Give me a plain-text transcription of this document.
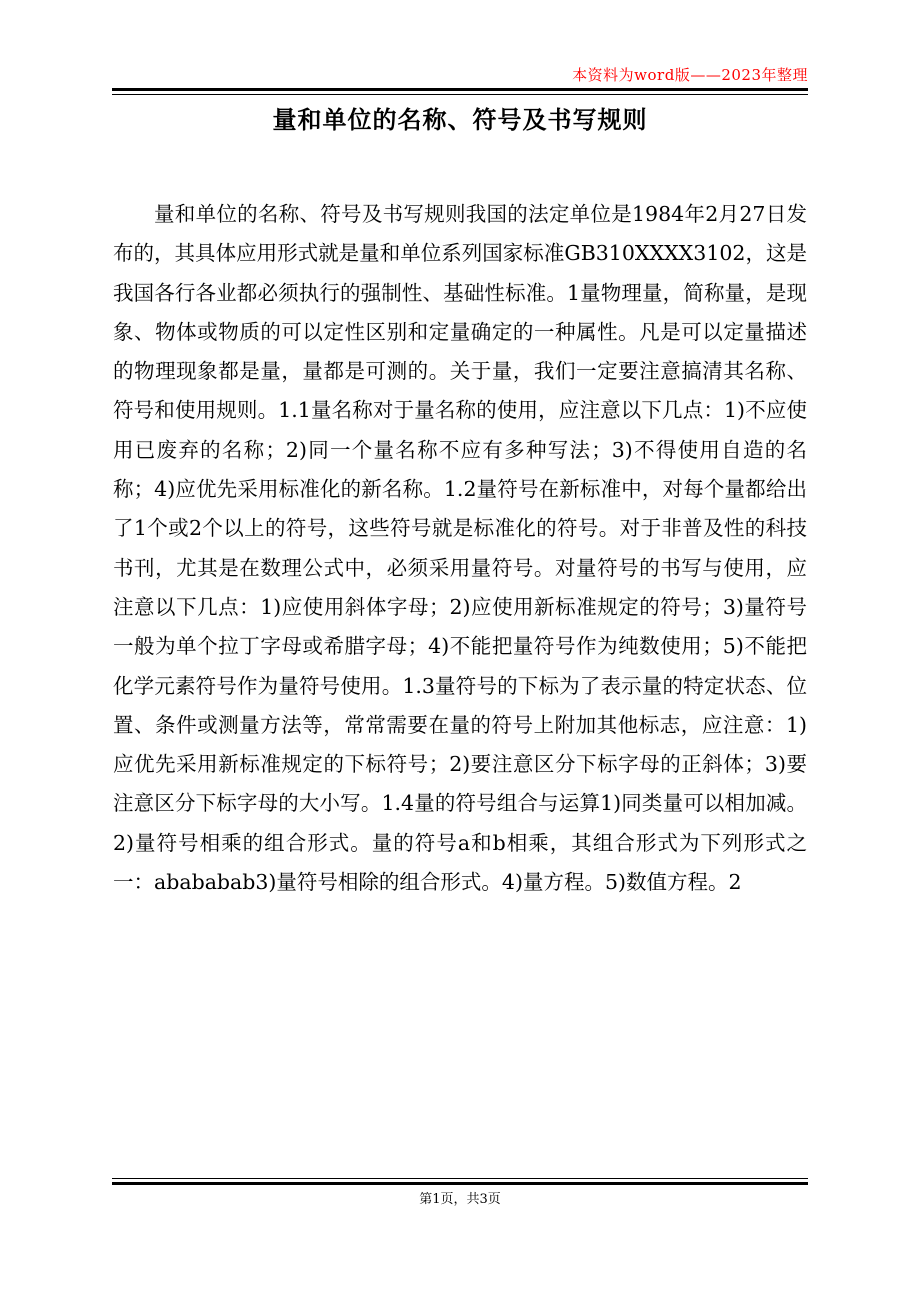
本资料为word版——2023年整理
量和单位的名称、符号及书写规则

量和单位的名称、符号及书写规则我国的法定单位是1984年2月27日发布的，其具体应用形式就是量和单位系列国家标准GB310XXXX3102，这是我国各行各业都必须执行的强制性、基础性标准。1量物理量，简称量，是现象、物体或物质的可以定性区别和定量确定的一种属性。凡是可以定量描述的物理现象都是量，量都是可测的。关于量，我们一定要注意搞清其名称、符号和使用规则。1.1量名称对于量名称的使用，应注意以下几点：1)不应使用已废弃的名称；2)同一个量名称不应有多种写法；3)不得使用自造的名称；4)应优先采用标准化的新名称。1.2量符号在新标准中，对每个量都给出了1个或2个以上的符号，这些符号就是标准化的符号。对于非普及性的科技书刊，尤其是在数理公式中，必须采用量符号。对量符号的书写与使用，应注意以下几点：1)应使用斜体字母；2)应使用新标准规定的符号；3)量符号一般为单个拉丁字母或希腊字母；4)不能把量符号作为纯数使用；5)不能把化学元素符号作为量符号使用。1.3量符号的下标为了表示量的特定状态、位置、条件或测量方法等，常常需要在量的符号上附加其他标志，应注意：1)应优先采用新标准规定的下标符号；2)要注意区分下标字母的正斜体；3)要注意区分下标字母的大小写。1.4量的符号组合与运算1)同类量可以相加减。2)量符号相乘的组合形式。量的符号a和b相乘，其组合形式为下列形式之一：abababab3)量符号相除的组合形式。4)量方程。5)数值方程。2

第1页，共3页
